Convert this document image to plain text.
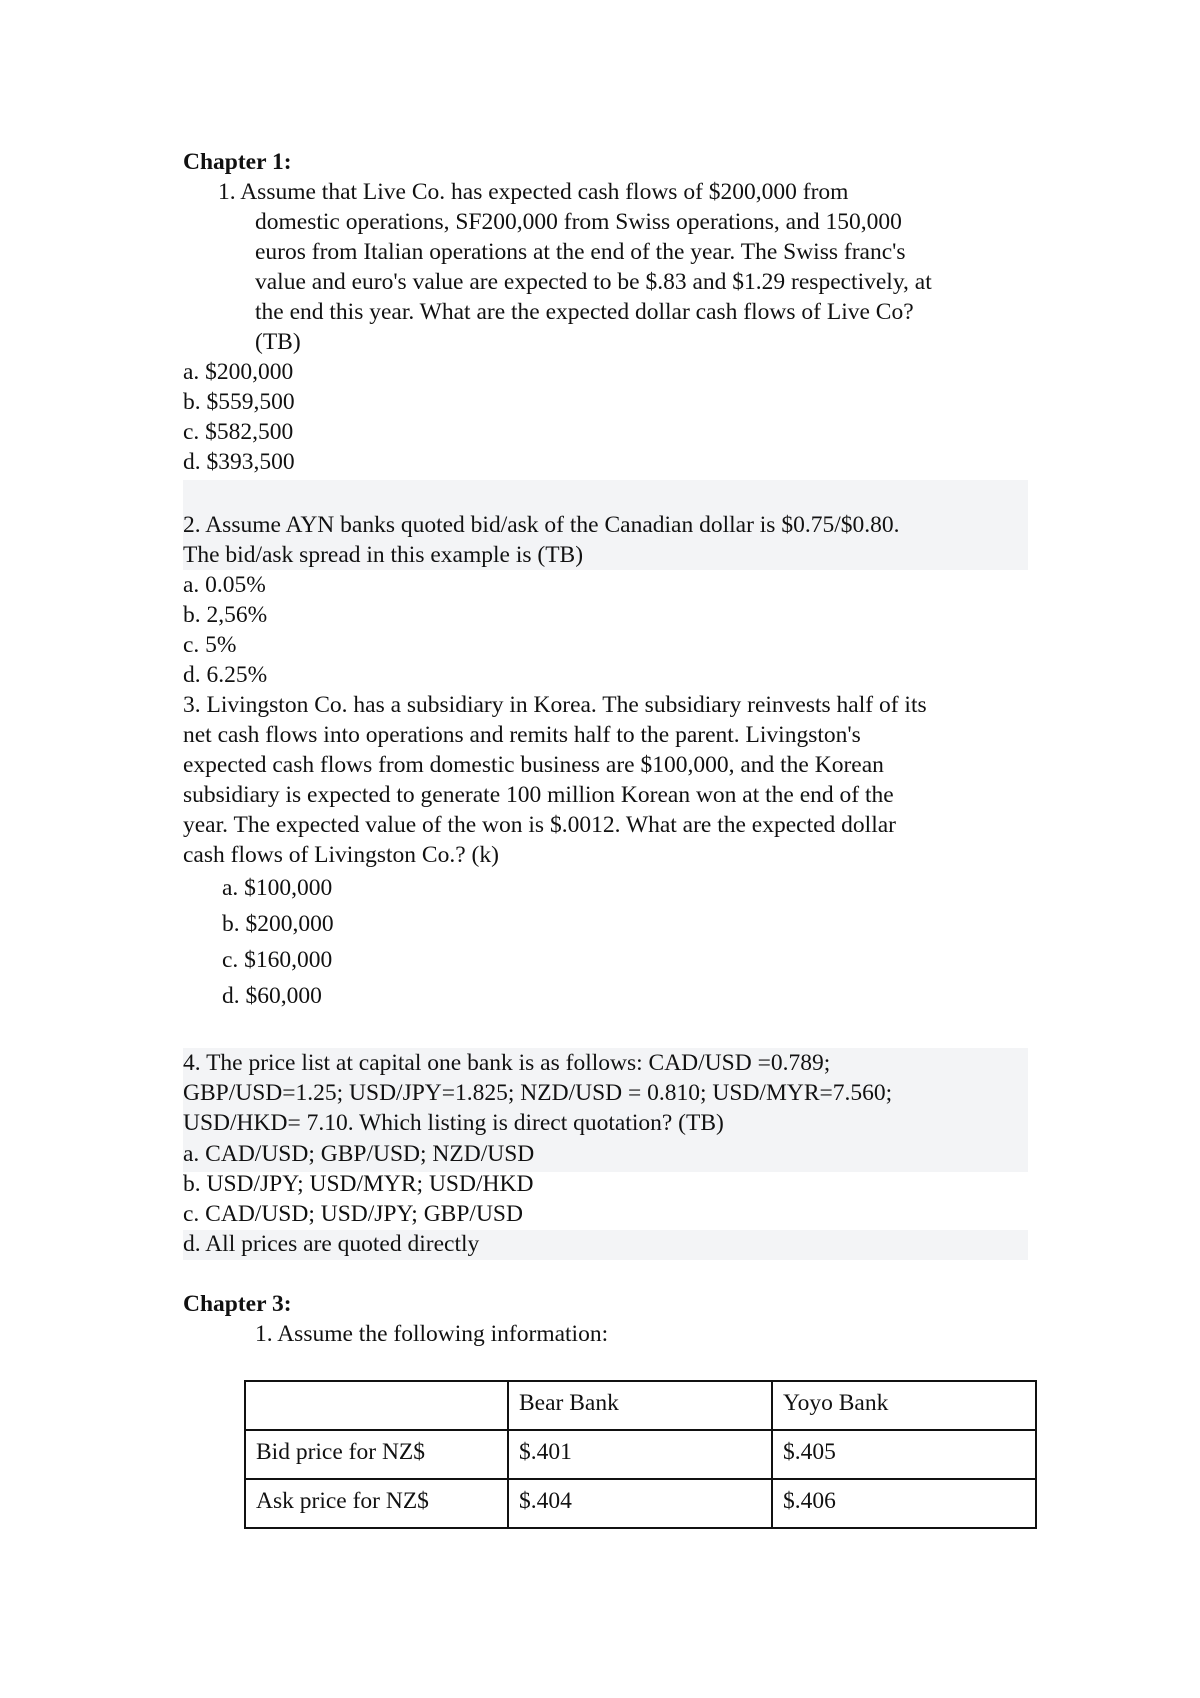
Chapter 1:
1. Assume that Live Co. has expected cash flows of $200,000 from
domestic operations, SF200,000 from Swiss operations, and 150,000
euros from Italian operations at the end of the year. The Swiss franc's
value and euro's value are expected to be $.83 and $1.29 respectively, at
the end this year. What are the expected dollar cash flows of Live Co?
(TB)
a. $200,000
b. $559,500
c. $582,500
d. $393,500
2. Assume AYN banks quoted bid/ask of the Canadian dollar is $0.75/$0.80.
The bid/ask spread in this example is (TB)
a. 0.05%
b. 2,56%
c. 5%
d. 6.25%
3. Livingston Co. has a subsidiary in Korea. The subsidiary reinvests half of its
net cash flows into operations and remits half to the parent. Livingston's
expected cash flows from domestic business are $100,000, and the Korean
subsidiary is expected to generate 100 million Korean won at the end of the
year. The expected value of the won is $.0012. What are the expected dollar
cash flows of Livingston Co.? (k)
a. $100,000
b. $200,000
c. $160,000
d. $60,000
4. The price list at capital one bank is as follows: CAD/USD =0.789;
GBP/USD=1.25; USD/JPY=1.825; NZD/USD = 0.810; USD/MYR=7.560;
USD/HKD= 7.10. Which listing is direct quotation? (TB)
a. CAD/USD; GBP/USD; NZD/USD
b. USD/JPY; USD/MYR; USD/HKD
c. CAD/USD; USD/JPY; GBP/USD
d. All prices are quoted directly
Chapter 3:
1. Assume the following information:
	Bear Bank	Yoyo Bank
Bid price for NZ$	$.401	$.405
Ask price for NZ$	$.404	$.406
